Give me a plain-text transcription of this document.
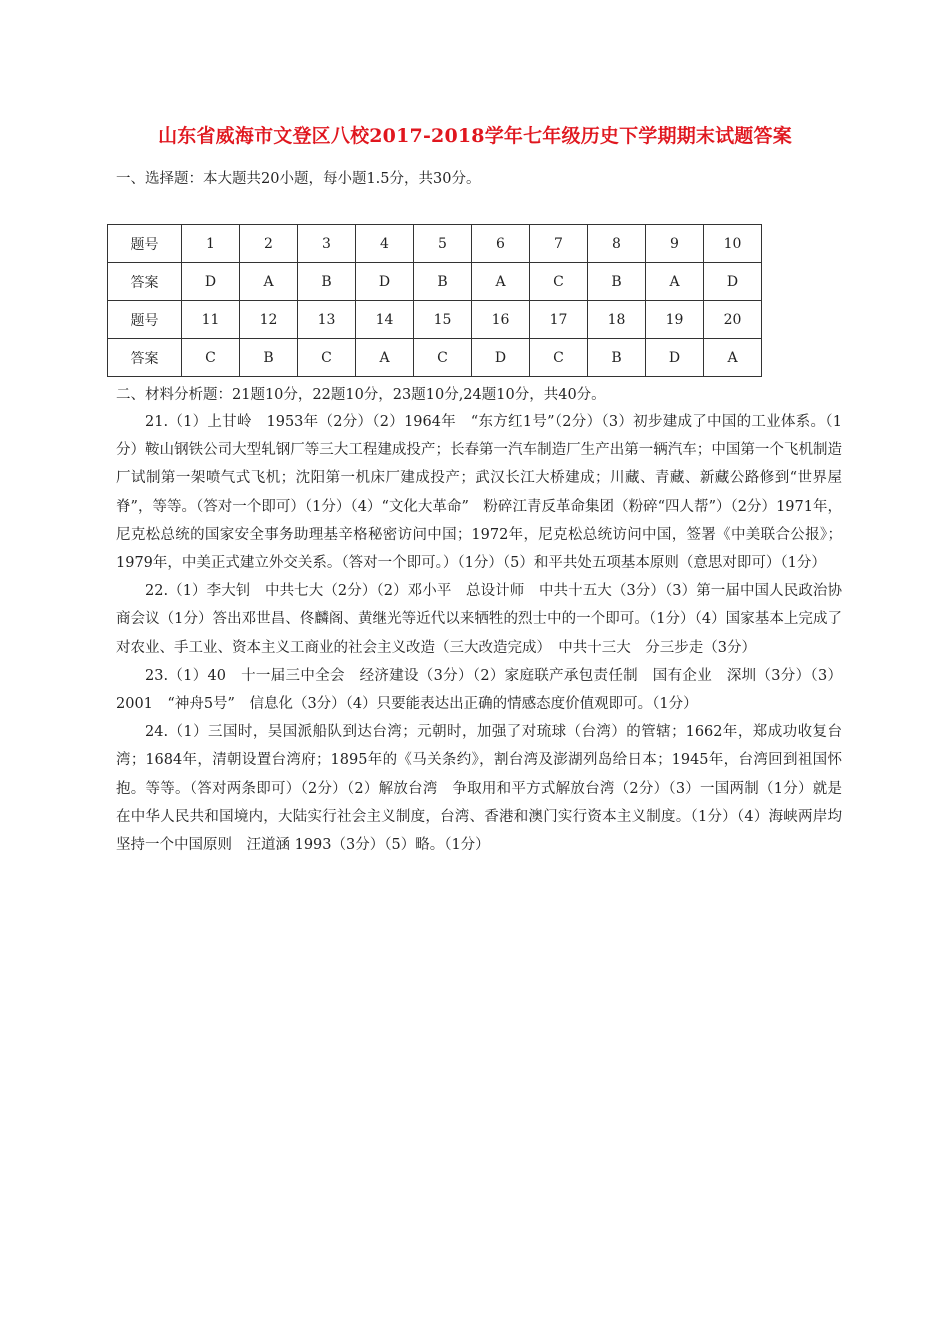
山东省威海市文登区八校2017-2018学年七年级历史下学期期末试题答案
一、选择题：本大题共20小题，每小题1.5分，共30分。
题号	1	2	3	4	5	6	7	8	9	10
答案	D	A	B	D	B	A	C	B	A	D
题号	11	12	13	14	15	16	17	18	19	20
答案	C	B	C	A	C	D	C	B	D	A
二、材料分析题：21题10分，22题10分，23题10分,24题10分，共40分。

21.（1）上甘岭　1953年（2分）（2）1964年　“东方红1号”（2分）（3）初步建成了中国的工业体系。（1分）鞍山钢铁公司大型轧钢厂等三大工程建成投产；长春第一汽车制造厂生产出第一辆汽车；中国第一个飞机制造厂试制第一架喷气式飞机；沈阳第一机床厂建成投产；武汉长江大桥建成；川藏、青藏、新藏公路修到“世界屋脊”，等等。（答对一个即可）（1分）（4）“文化大革命”　粉碎江青反革命集团（粉碎“四人帮”）（2分）1971年，尼克松总统的国家安全事务助理基辛格秘密访问中国；1972年，尼克松总统访问中国，签署《中美联合公报》；1979年，中美正式建立外交关系。（答对一个即可。）（1分）（5）和平共处五项基本原则（意思对即可）（1分）

22.（1）李大钊　中共七大（2分）（2）邓小平　总设计师　中共十五大（3分）（3）第一届中国人民政治协商会议（1分）答出邓世昌、佟麟阁、黄继光等近代以来牺牲的烈士中的一个即可。（1分）（4）国家基本上完成了对农业、手工业、资本主义工商业的社会主义改造（三大改造完成）　中共十三大　分三步走（3分）

23.（1）40　十一届三中全会　经济建设（3分）（2）家庭联产承包责任制　国有企业　深圳（3分）（3）2001　“神舟5号”　信息化（3分）（4）只要能表达出正确的情感态度价值观即可。（1分）

24.（1）三国时，吴国派船队到达台湾；元朝时，加强了对琉球（台湾）的管辖；1662年，郑成功收复台湾；1684年，清朝设置台湾府；1895年的《马关条约》，割台湾及澎湖列岛给日本；1945年，台湾回到祖国怀抱。等等。（答对两条即可）（2分）（2）解放台湾　争取用和平方式解放台湾（2分）（3）一国两制（1分）就是在中华人民共和国境内，大陆实行社会主义制度，台湾、香港和澳门实行资本主义制度。（1分）（4）海峡两岸均坚持一个中国原则　汪道涵 1993（3分）（5）略。（1分）
